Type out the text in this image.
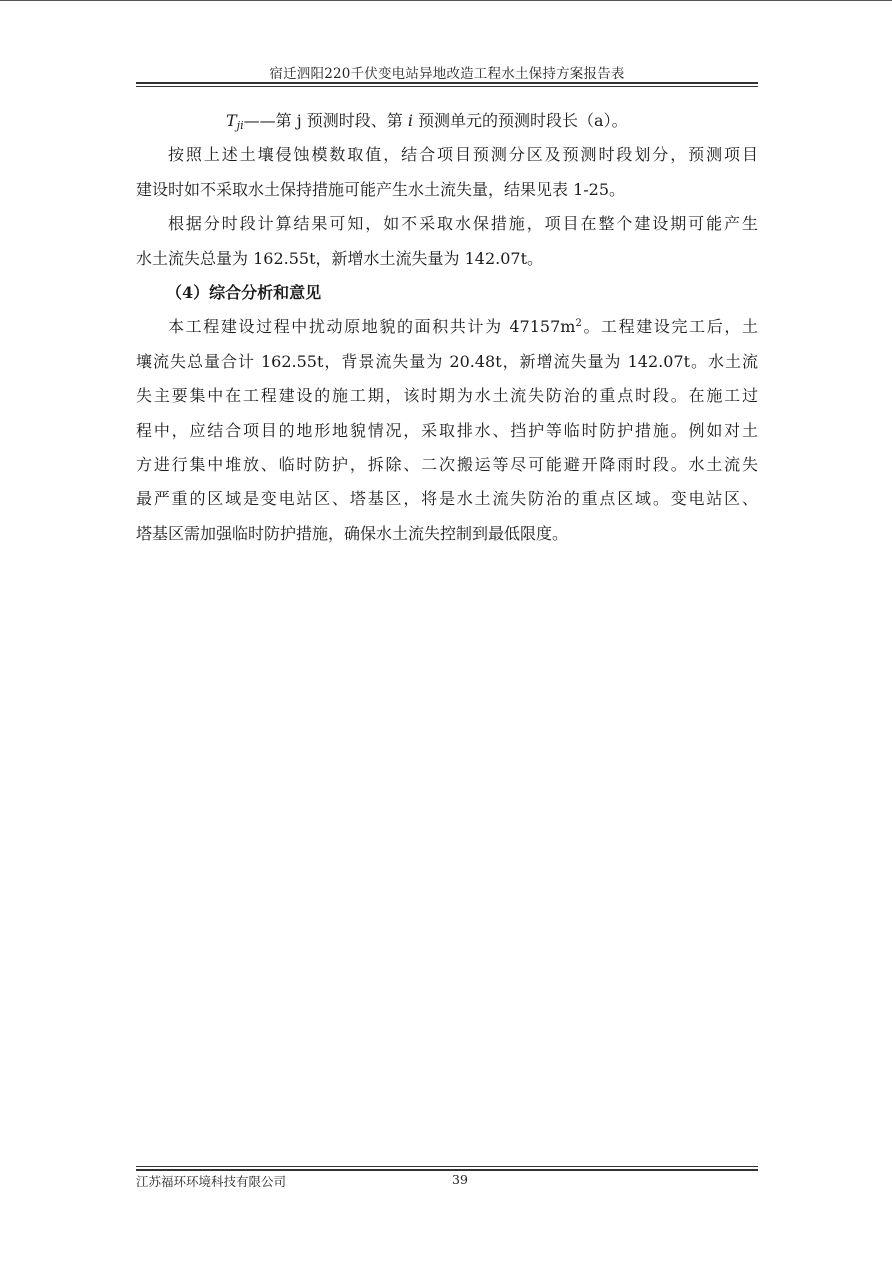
宿迁泗阳220千伏变电站异地改造工程水土保持方案报告表
$T_{ji}——$第 j 预测时段、第 i 预测单元的预测时段长（a）。
按照上述土壤侵蚀模数取值，结合项目预测分区及预测时段划分，预测项目
建设时如不采取水土保持措施可能产生水土流失量，结果见表 1-25。
根据分时段计算结果可知，如不采取水保措施，项目在整个建设期可能产生
水土流失总量为 162.55t，新增水土流失量为 142.07t。
（4）综合分析和意见
本工程建设过程中扰动原地貌的面积共计为 $47157m^2$。工程建设完工后，土
壤流失总量合计 162.55t，背景流失量为 20.48t，新增流失量为 142.07t。水土流
失主要集中在工程建设的施工期，该时期为水土流失防治的重点时段。在施工过
程中，应结合项目的地形地貌情况，采取排水、挡护等临时防护措施。例如对土
方进行集中堆放、临时防护，拆除、二次搬运等尽可能避开降雨时段。水土流失
最严重的区域是变电站区、塔基区，将是水土流失防治的重点区域。变电站区、
塔基区需加强临时防护措施，确保水土流失控制到最低限度。
江苏福环环境科技有限公司	39
